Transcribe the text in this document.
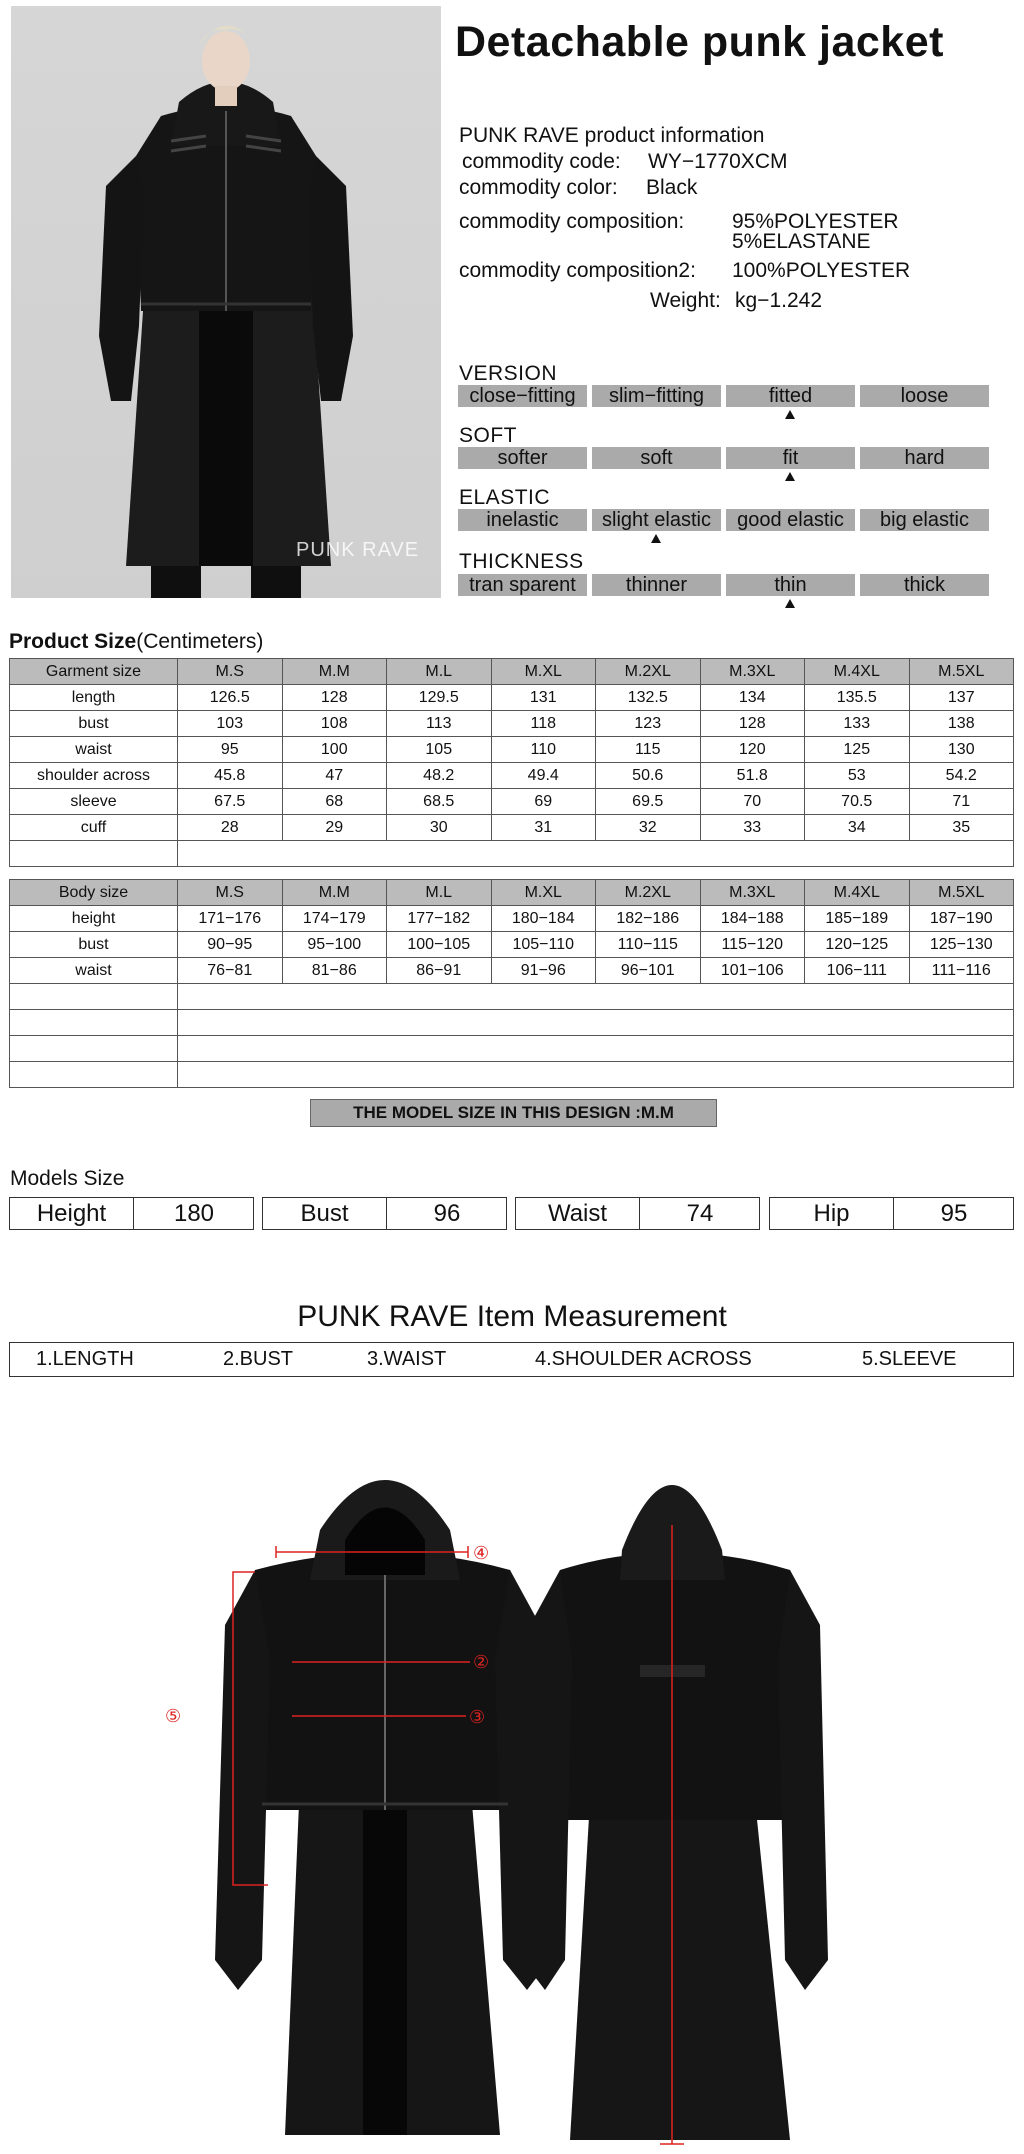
PUNK RAVE
Detachable punk jacket
PUNK RAVE product information
commodity code: WY−1770XCM
commodity color: Black
commodity composition: 95%POLYESTER
5%ELASTANE
commodity composition2: 100%POLYESTER
Weight: kg−1.242
VERSION
close−fitting	slim−fitting	fitted	loose
SOFT
softer	soft	fit	hard
ELASTIC
inelastic	slight elastic	good elastic	big elastic
THICKNESS
tran sparent	thinner	thin	thick
Product Size(Centimeters)
Garment size	M.S	M.M	M.L	M.XL	M.2XL	M.3XL	M.4XL	M.5XL
length	126.5	128	129.5	131	132.5	134	135.5	137
bust	103	108	113	118	123	128	133	138
waist	95	100	105	110	115	120	125	130
shoulder across	45.8	47	48.2	49.4	50.6	51.8	53	54.2
sleeve	67.5	68	68.5	69	69.5	70	70.5	71
cuff	28	29	30	31	32	33	34	35

Body size	M.S	M.M	M.L	M.XL	M.2XL	M.3XL	M.4XL	M.5XL
height	171−176	174−179	177−182	180−184	182−186	184−188	185−189	187−190
bust	90−95	95−100	100−105	105−110	110−115	115−120	120−125	125−130
waist	76−81	81−86	86−91	91−96	96−101	101−106	106−111	111−116

THE MODEL SIZE IN THIS DESIGN :M.M
Models Size
Height	180	Bust	96	Waist	74	Hip	95
PUNK RAVE Item Measurement
1.LENGTH	2.BUST	3.WAIST	4.SHOULDER ACROSS	5.SLEEVE
④
②
③
⑤
